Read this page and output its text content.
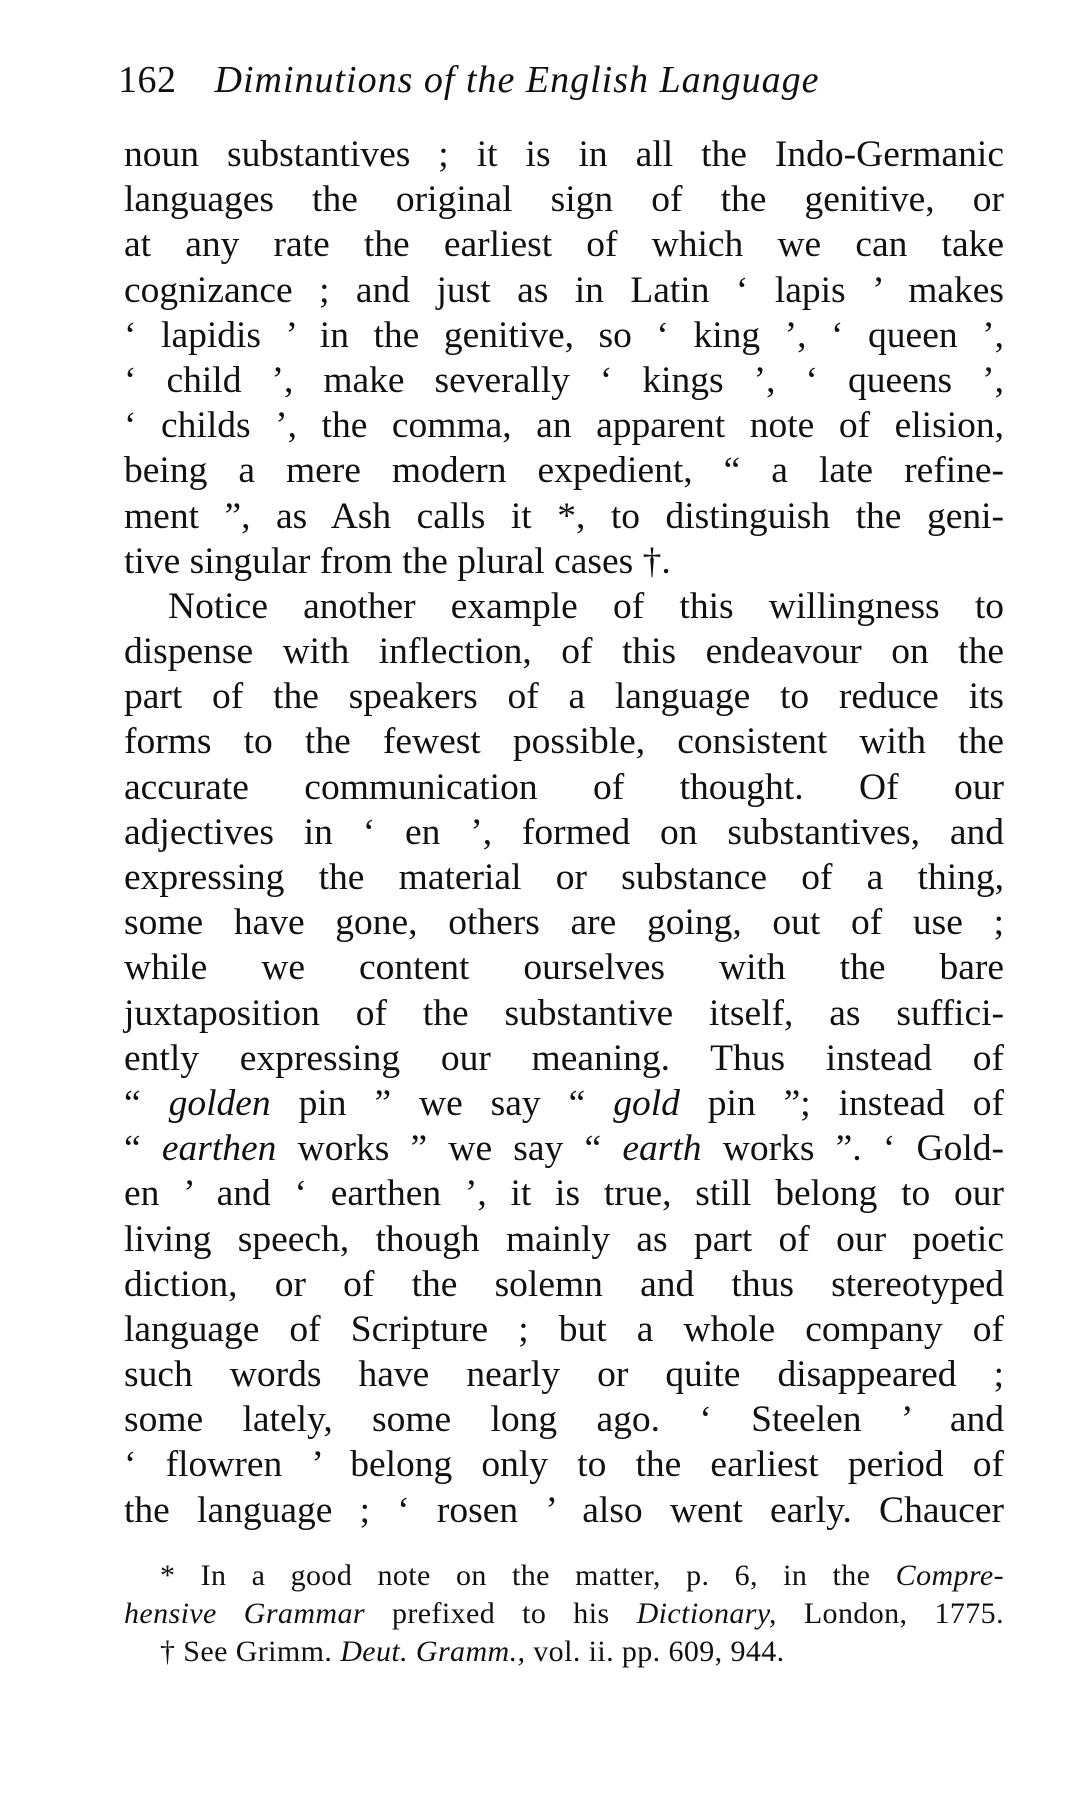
162 Diminutions of the English Language
noun substantives ; it is in all the Indo-Germanic
languages the original sign of the genitive, or
at any rate the earliest of which we can take
cognizance ; and just as in Latin ‘ lapis ’ makes
‘ lapidis ’ in the genitive, so ‘ king ’, ‘ queen ’,
‘ child ’, make severally ‘ kings ’, ‘ queens ’,
‘ childs ’, the comma, an apparent note of elision,
being a mere modern expedient, “ a late refine-
ment ”, as Ash calls it *, to distinguish the geni-
tive singular from the plural cases †.
Notice another example of this willingness to
dispense with inflection, of this endeavour on the
part of the speakers of a language to reduce its
forms to the fewest possible, consistent with the
accurate communication of thought. Of our
adjectives in ‘ en ’, formed on substantives, and
expressing the material or substance of a thing,
some have gone, others are going, out of use ;
while we content ourselves with the bare
juxtaposition of the substantive itself, as suffici-
ently expressing our meaning. Thus instead of
“ golden pin ” we say “ gold pin ”; instead of
“ earthen works ” we say “ earth works ”. ‘ Gold-
en ’ and ‘ earthen ’, it is true, still belong to our
living speech, though mainly as part of our poetic
diction, or of the solemn and thus stereotyped
language of Scripture ; but a whole company of
such words have nearly or quite disappeared ;
some lately, some long ago. ‘ Steelen ’ and
‘ flowren ’ belong only to the earliest period of
the language ; ‘ rosen ’ also went early. Chaucer
* In a good note on the matter, p. 6, in the Compre-
hensive Grammar prefixed to his Dictionary, London, 1775.
† See Grimm. Deut. Gramm., vol. ii. pp. 609, 944.
